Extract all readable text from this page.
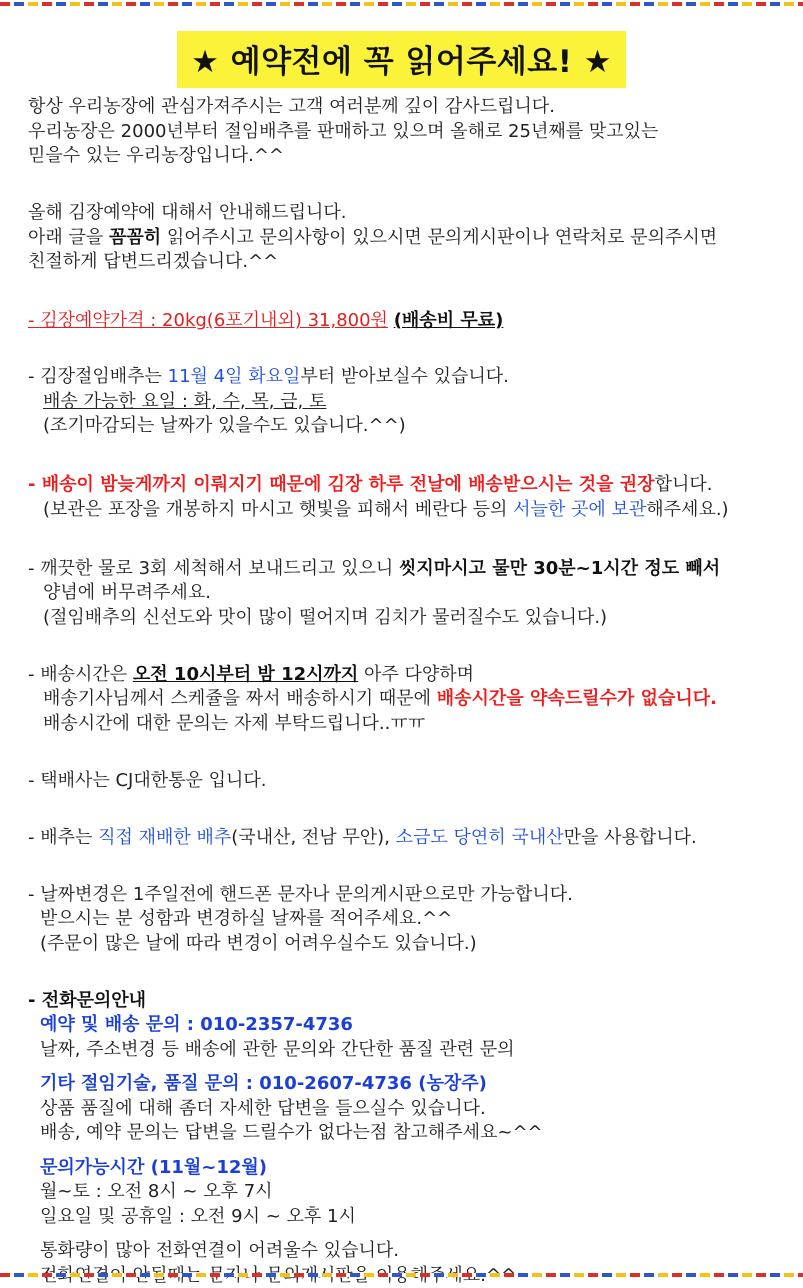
★ 예약전에 꼭 읽어주세요! ★
항상 우리농장에 관심가져주시는 고객 여러분께 깊이 감사드립니다.
우리농장은 2000년부터 절임배추를 판매하고 있으며 올해로 25년째를 맞고있는
믿을수 있는 우리농장입니다.^^
올해 김장예약에 대해서 안내해드립니다.
아래 글을 꼼꼼히 읽어주시고 문의사항이 있으시면 문의게시판이나 연락처로 문의주시면
친절하게 답변드리겠습니다.^^
- 김장예약가격 : 20kg(6포기내외) 31,800원 (배송비 무료)
- 김장절임배추는 11월 4일 화요일부터 받아보실수 있습니다.
배송 가능한 요일 : 화, 수, 목, 금, 토
(조기마감되는 날짜가 있을수도 있습니다.^^)
- 배송이 밤늦게까지 이뤄지기 때문에 김장 하루 전날에 배송받으시는 것을 권장합니다.
(보관은 포장을 개봉하지 마시고 햇빛을 피해서 베란다 등의 서늘한 곳에 보관해주세요.)
- 깨끗한 물로 3회 세척해서 보내드리고 있으니 씻지마시고 물만 30분~1시간 정도 빼서
양념에 버무려주세요.
(절임배추의 신선도와 맛이 많이 떨어지며 김치가 물러질수도 있습니다.)
- 배송시간은 오전 10시부터 밤 12시까지 아주 다양하며
배송기사님께서 스케쥴을 짜서 배송하시기 때문에 배송시간을 약속드릴수가 없습니다.
배송시간에 대한 문의는 자제 부탁드립니다..ㅠㅠ
- 택배사는 CJ대한통운 입니다.
- 배추는 직접 재배한 배추(국내산, 전남 무안), 소금도 당연히 국내산만을 사용합니다.
- 날짜변경은 1주일전에 핸드폰 문자나 문의게시판으로만 가능합니다.
받으시는 분 성함과 변경하실 날짜를 적어주세요.^^
(주문이 많은 날에 따라 변경이 어려우실수도 있습니다.)
- 전화문의안내
예약 및 배송 문의 : 010-2357-4736
날짜, 주소변경 등 배송에 관한 문의와 간단한 품질 관련 문의
기타 절임기술, 품질 문의 : 010-2607-4736 (농장주)
상품 품질에 대해 좀더 자세한 답변을 들으실수 있습니다.
배송, 예약 문의는 답변을 드릴수가 없다는점 참고해주세요~^^
문의가능시간 (11월~12월)
월~토 : 오전 8시 ~ 오후 7시
일요일 및 공휴일 : 오전 9시 ~ 오후 1시
통화량이 많아 전화연결이 어려울수 있습니다.
